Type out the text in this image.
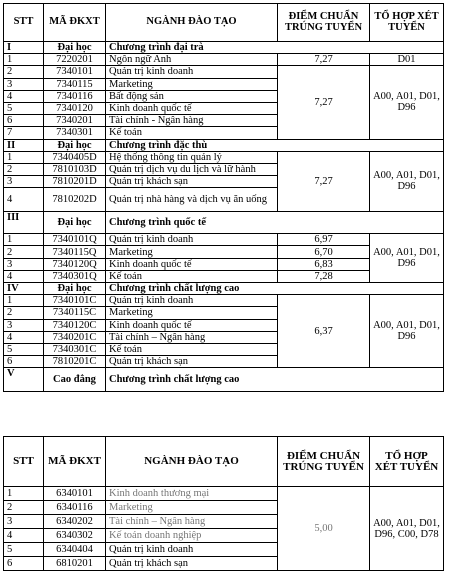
STT	MÃ ĐKXT	NGÀNH ĐÀO TẠO	ĐIỂM CHUẨN TRÚNG TUYỂN	TỔ HỢP XÉT TUYỂN
I	Đại học	Chương trình đại trà		
1	7220201	Ngôn ngữ Anh	7,27	D01
2	7340101	Quản trị kinh doanh	7,27	A00, A01, D01, D96
3	7340115	Marketing		
4	7340116	Bất động sản		
5	7340120	Kinh doanh quốc tế		
6	7340201	Tài chính - Ngân hàng		
7	7340301	Kế toán		
II	Đại học	Chương trình đặc thù		
1	7340405D	Hệ thống thông tin quản lý	7,27	A00, A01, D01, D96
2	7810103D	Quản trị dịch vụ du lịch và lữ hành		
3	7810201D	Quản trị khách sạn		
4	7810202D	Quản trị nhà hàng và dịch vụ ăn uống		
III	Đại học	Chương trình quốc tế		
1	7340101Q	Quản trị kinh doanh	6,97	A00, A01, D01, D96
2	7340115Q	Marketing	6,70	
3	7340120Q	Kinh doanh quốc tế	6,83	
4	7340301Q	Kế toán	7,28	
IV	Đại học	Chương trình chất lượng cao		
1	7340101C	Quản trị kinh doanh	6,37	A00, A01, D01, D96
2	7340115C	Marketing		
3	7340120C	Kinh doanh quốc tế		
4	7340201C	Tài chính – Ngân hàng		
5	7340301C	Kế toán		
6	7810201C	Quản trị khách sạn		
V	Cao đẳng	Chương trình chất lượng cao		
STT	MÃ ĐKXT	NGÀNH ĐÀO TẠO	ĐIỂM CHUẨN TRÚNG TUYỂN	TỔ HỢP XÉT TUYỂN
1	6340101	Kinh doanh thương mại	5,00	A00, A01, D01, D96, C00, D78
2	6340116	Marketing		
3	6340202	Tài chính – Ngân hàng		
4	6340302	Kế toán doanh nghiệp		
5	6340404	Quản trị kinh doanh		
6	6810201	Quản trị khách sạn		
